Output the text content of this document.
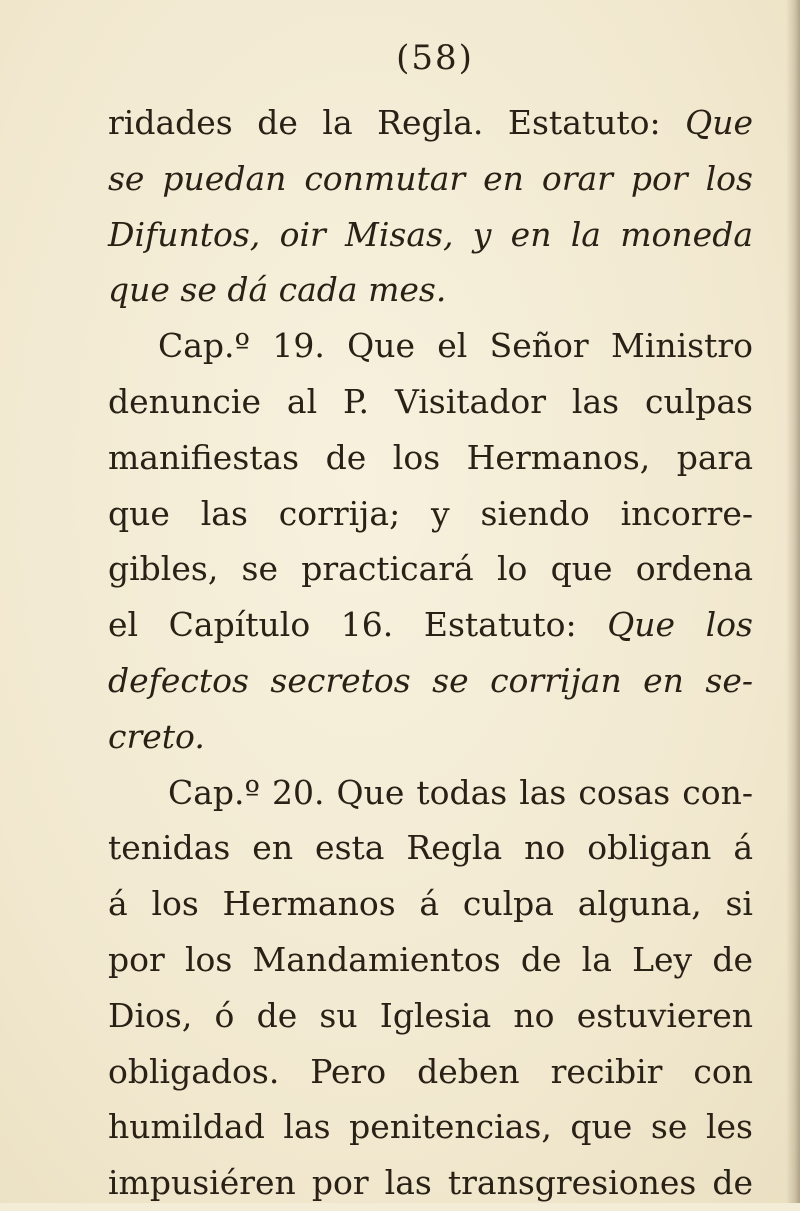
(58)
ridades de la Regla. Estatuto: Que
se puedan conmutar en orar por los
Difuntos, oir Misas, y en la moneda
que se dá cada mes.
Cap.º 19. Que el Señor Ministro
denuncie al P. Visitador las culpas
manifiestas de los Hermanos, para
que las corrija; y siendo incorre-
gibles, se practicará lo que ordena
el Capítulo 16. Estatuto: Que los
defectos secretos se corrijan en se-
creto.
Cap.º 20. Que todas las cosas con-
tenidas en esta Regla no obligan á
á los Hermanos á culpa alguna, si
por los Mandamientos de la Ley de
Dios, ó de su Iglesia no estuvieren
obligados. Pero deben recibir con
humildad las penitencias, que se les
impusiéren por las transgresiones de
